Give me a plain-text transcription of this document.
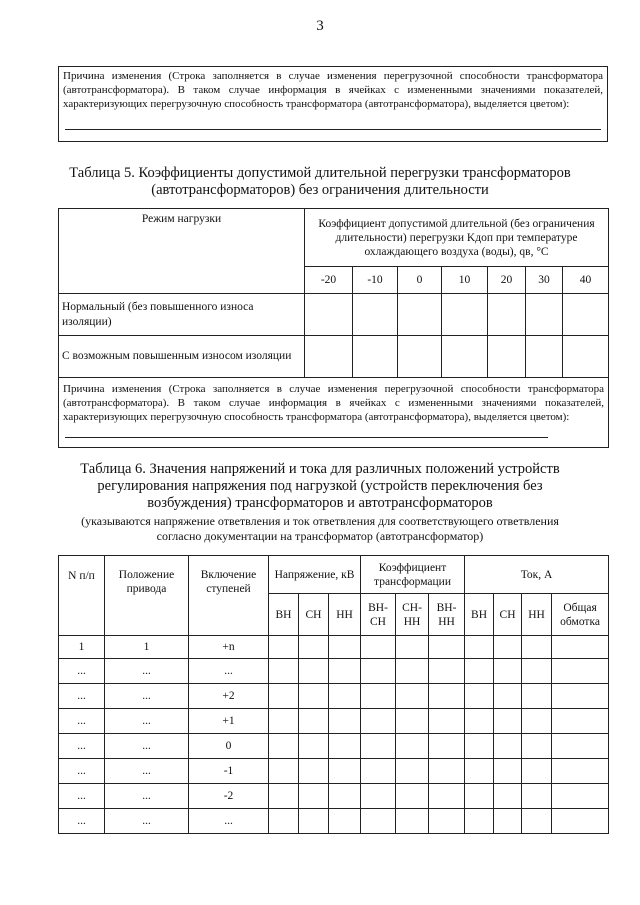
3
Причина изменения (Строка заполняется в случае изменения перегрузочной способности трансформатора (автотрансформатора). В таком случае информация в ячейках с измененными значениями показателей, характеризующих перегрузочную способность трансформатора (автотрансформатора), выделяется цветом):
Таблица 5. Коэффициенты допустимой длительной перегрузки трансформаторов
(автотрансформаторов) без ограничения длительности
Режим нагрузки	Коэффициент допустимой длительной (без ограничения длительности) перегрузки Kдоп при температуре охлаждающего воздуха (воды), qв, °С						
	-20	-10	0	10	20	30	40
Нормальный (без повышенного износа изоляции)							
С возможным повышенным износом изоляции							

Причина изменения (Строка заполняется в случае изменения перегрузочной способности трансформатора (автотрансформатора). В таком случае информация в ячейках с измененными значениями показателей, характеризующих перегрузочную способность трансформатора (автотрансформатора), выделяется цветом):							
Таблица 6. Значения напряжений и тока для различных положений устройств
регулирования напряжения под нагрузкой (устройств переключения без
возбуждения) трансформаторов и автотрансформаторов
(указываются напряжение ответвления и ток ответвления для соответствующего ответвления
согласно документации на трансформатор (автотрансформатор)
N п/п	Положение привода	Включение ступеней	Напряжение, кВ			Коэффициент трансформации			Ток, А			
			ВН	СН	НН	ВН-СН	СН-НН	ВН-НН	ВН	СН	НН	Общая обмотка
1	1	+n										
...	...	...										
...	...	+2										
...	...	+1										
...	...	0										
...	...	-1										
...	...	-2										
...	...	...										
